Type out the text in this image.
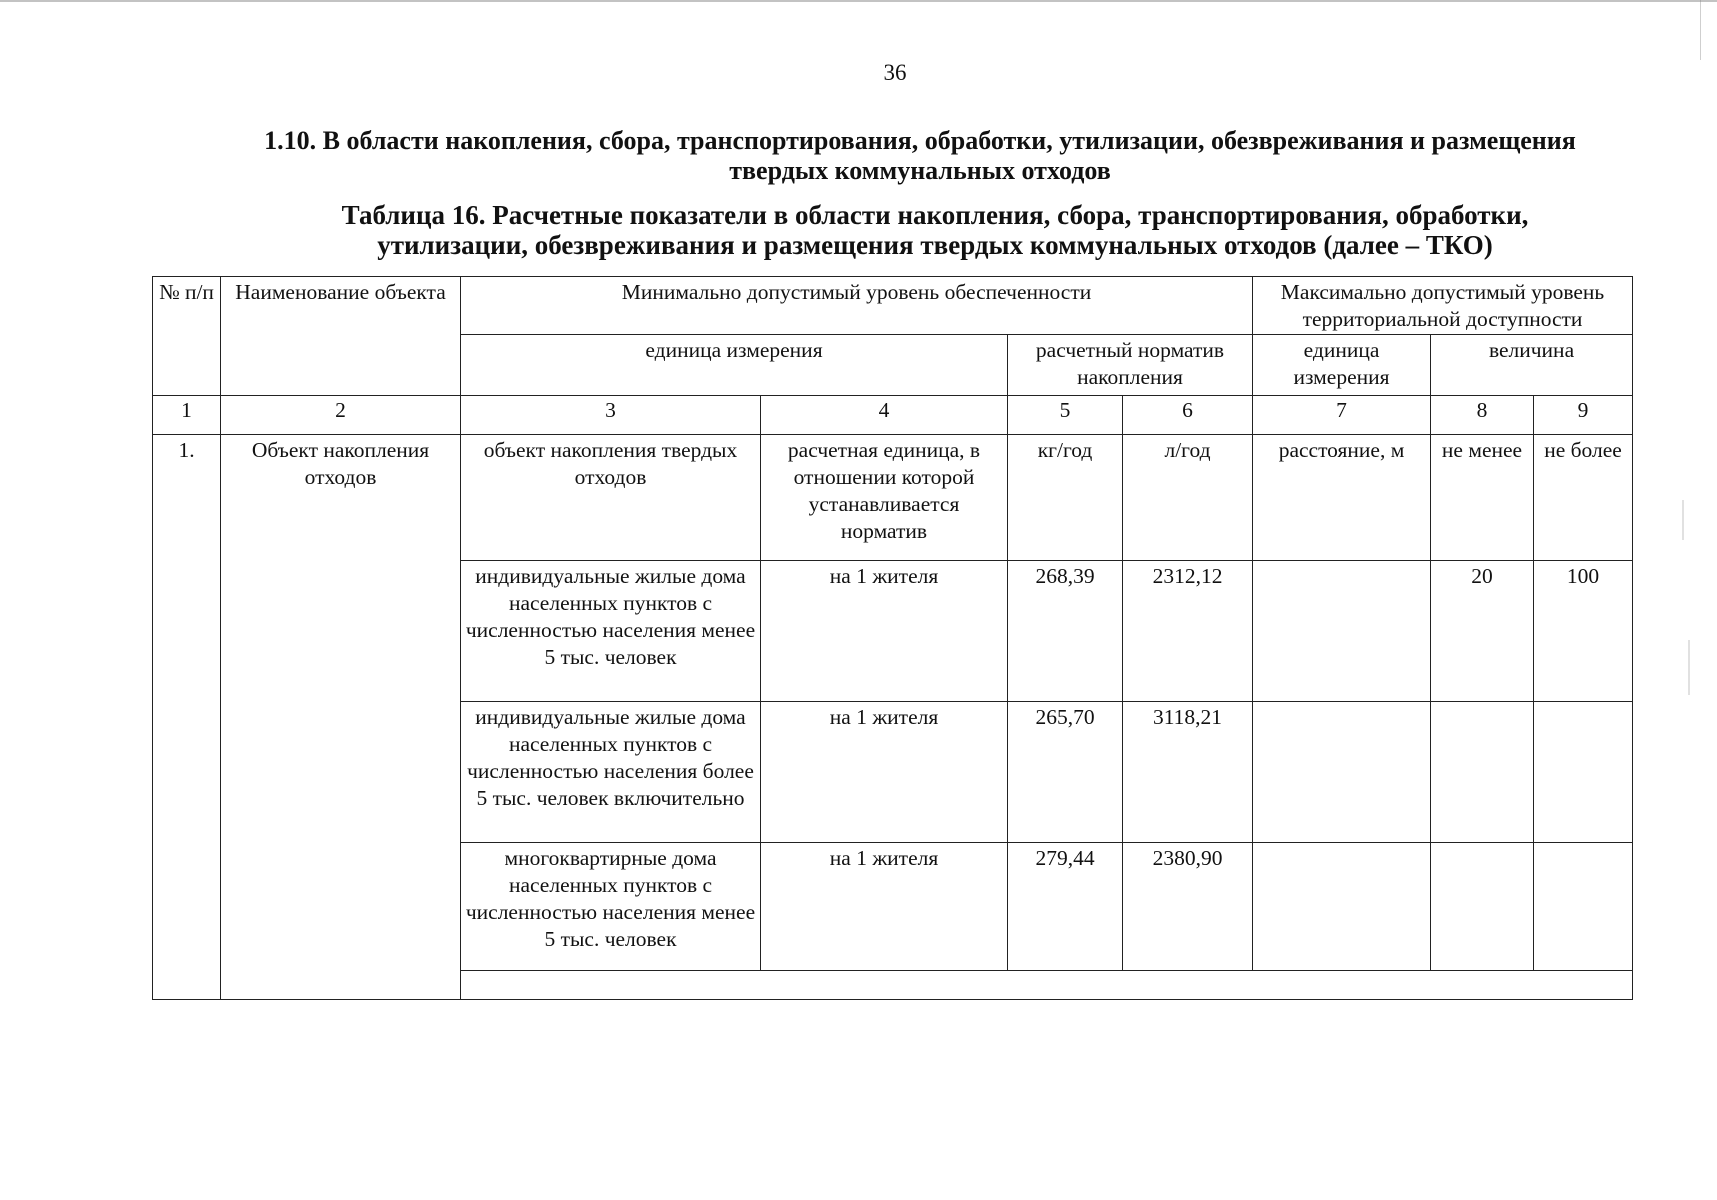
36
1.10. В области накопления, сбора, транспортирования, обработки, утилизации, обезвреживания и размещения твердых коммунальных отходов
Таблица 16. Расчетные показатели в области накопления, сбора, транспортирования, обработки, утилизации, обезвреживания и размещения твердых коммунальных отходов (далее – ТКО)
№ п/п	Наименование объекта	Минимально допустимый уровень обеспеченности				Максимально допустимый уровень территориальной доступности		
		единица измерения		расчетный норматив накопления		единица измерения	величина	
1	2	3	4	5	6	7	8	9
1.	Объект накопления отходов	объект накопления твердых отходов	расчетная единица, в отношении которой устанавливается норматив	кг/год	л/год	расстояние, м	не менее	не более
		индивидуальные жилые дома населенных пунктов с численностью населения менее 5 тыс. человек	на 1 жителя	268,39	2312,12		20	100
		индивидуальные жилые дома населенных пунктов с численностью населения более 5 тыс. человек включительно	на 1 жителя	265,70	3118,21			
		многоквартирные дома населенных пунктов с численностью населения менее 5 тыс. человек	на 1 жителя	279,44	2380,90			
